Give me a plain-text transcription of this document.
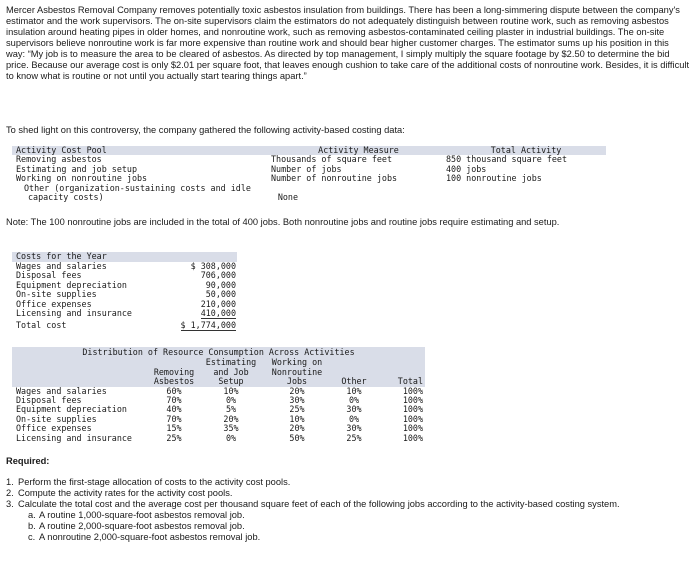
Mercer Asbestos Removal Company removes potentially toxic asbestos insulation from buildings. There has been a long-simmering dispute between the company's estimator and the work supervisors. The on-site supervisors claim the estimators do not adequately distinguish between routine work, such as removing asbestos insulation around heating pipes in older homes, and nonroutine work, such as removing asbestos-contaminated ceiling plaster in industrial buildings. The on-site supervisors believe nonroutine work is far more expensive than routine work and should bear higher customer charges. The estimator sums up his position in this way: “My job is to measure the area to be cleared of asbestos. As directed by top management, I simply multiply the square footage by $2.50 to determine the bid price. Because our average cost is only $2.01 per square foot, that leaves enough cushion to take care of the additional costs of nonroutine work. Besides, it is difficult to know what is routine or not until you actually start tearing things apart.”
To shed light on this controversy, the company gathered the following activity-based costing data:
Activity Cost Pool	Activity Measure	Total Activity
Removing asbestos	Thousands of square feet	850 thousand square feet
Estimating and job setup	Number of jobs	400 jobs
Working on nonroutine jobs	Number of nonroutine jobs	100 nonroutine jobs
Other (organization-sustaining costs and idle
capacity costs)	None
Note: The 100 nonroutine jobs are included in the total of 400 jobs. Both nonroutine jobs and routine jobs require estimating and setup.
Costs for the Year
Wages and salaries	$ 308,000
Disposal fees	706,000
Equipment depreciation	90,000
On-site supplies	50,000
Office expenses	210,000
Licensing and insurance	410,000
Total cost	$ 1,774,000
Distribution of Resource Consumption Across Activities
Estimating	Working on
Removing	and Job	Nonroutine
Asbestos	Setup	Jobs	Other	Total
Wages and salaries	60%	10%	20%	10%	100%
Disposal fees	70%	0%	30%	0%	100%
Equipment depreciation	40%	5%	25%	30%	100%
On-site supplies	70%	20%	10%	0%	100%
Office expenses	15%	35%	20%	30%	100%
Licensing and insurance	25%	0%	50%	25%	100%
Required:
1. Perform the first-stage allocation of costs to the activity cost pools.
2. Compute the activity rates for the activity cost pools.
3. Calculate the total cost and the average cost per thousand square feet of each of the following jobs according to the activity-based costing system.
a. A routine 1,000-square-foot asbestos removal job.
b. A routine 2,000-square-foot asbestos removal job.
c. A nonroutine 2,000-square-foot asbestos removal job.
